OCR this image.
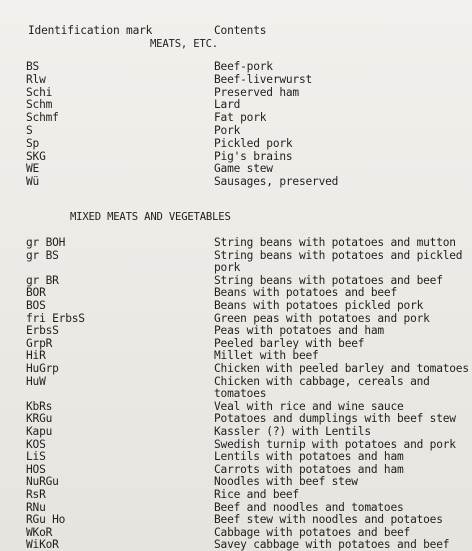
Identification mark	Contents
MEATS, ETC.
BS	Beef-pork
Rlw	Beef-liverwurst
Schi	Preserved ham
Schm	Lard
Schmf	Fat pork
S	Pork
Sp	Pickled pork
SKG	Pig's brains
WE	Game stew
Wü	Sausages, preserved
MIXED MEATS AND VEGETABLES
gr BOH	String beans with potatoes and mutton
gr BS	String beans with potatoes and pickled
pork
gr BR	String beans with potatoes and beef
BOR	Beans with potatoes and beef
BOS	Beans with potatoes pickled pork
fri ErbsS	Green peas with potatoes and pork
ErbsS	Peas with potatoes and ham
GrpR	Peeled barley with beef
HiR	Millet with beef
HuGrp	Chicken with peeled barley and tomatoes
HuW	Chicken with cabbage, cereals and
tomatoes
KbRs	Veal with rice and wine sauce
KRGu	Potatoes and dumplings with beef stew
Kapu	Kassler (?) with Lentils
KOS	Swedish turnip with potatoes and pork
LiS	Lentils with potatoes and ham
HOS	Carrots with potatoes and ham
NuRGu	Noodles with beef stew
RsR	Rice and beef
RNu	Beef and noodles and tomatoes
RGu Ho	Beef stew with noodles and potatoes
WKoR	Cabbage with potatoes and beef
WiKoR	Savey cabbage with potatoes and beef
